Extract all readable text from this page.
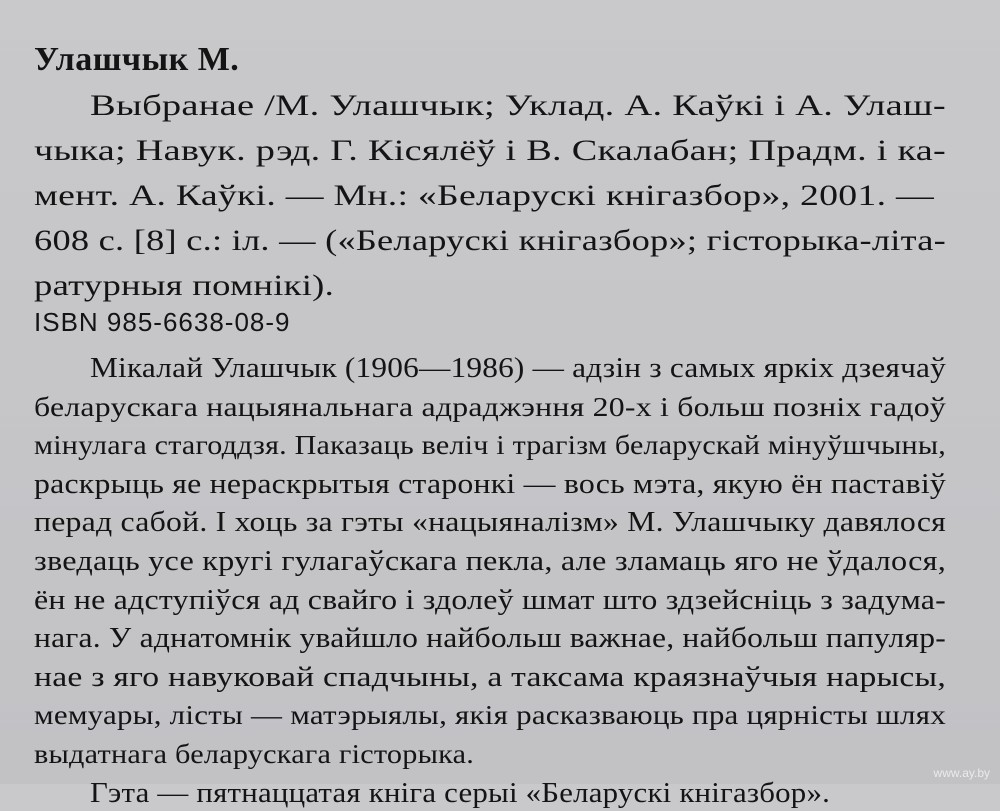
Улашчык М.
Выбранае /М. Улашчык; Уклад. А. Каўкі і А. Улаш-
чыка; Навук. рэд. Г. Кісялёў і В. Скалабан; Прадм. і ка-
мент. А. Каўкі. — Мн.: «Беларускі кнігазбор», 2001. —
608 с. [8] с.: іл. — («Беларускі кнігазбор»; гісторыка-літа-
ратурныя помнікі).
ISBN 985-6638-08-9
Мікалай Улашчык (1906—1986) — адзін з самых яркіх дзеячаў
беларускага нацыянальнага адраджэння 20-х і больш позніх гадоў
мінулага стагоддзя. Паказаць веліч і трагізм беларускай мінуўшчыны,
раскрыць яе нераскрытыя старонкі — вось мэта, якую ён паставіў
перад сабой. І хоць за гэты «нацыяналізм» М. Улашчыку давялося
зведаць усе кругі гулагаўскага пекла, але зламаць яго не ўдалося,
ён не адступіўся ад свайго і здолеў шмат што здзейсніць з задума-
нага. У аднатомнік увайшло найбольш важнае, найбольш папуляр-
нае з яго навуковай спадчыны, а таксама краязнаўчыя нарысы,
мемуары, лісты — матэрыялы, якія расказваюць пра цярністы шлях
выдатнага беларускага гісторыка.
Гэта — пятнаццатая кніга серыі «Беларускі кнігазбор».
www.ay.by
